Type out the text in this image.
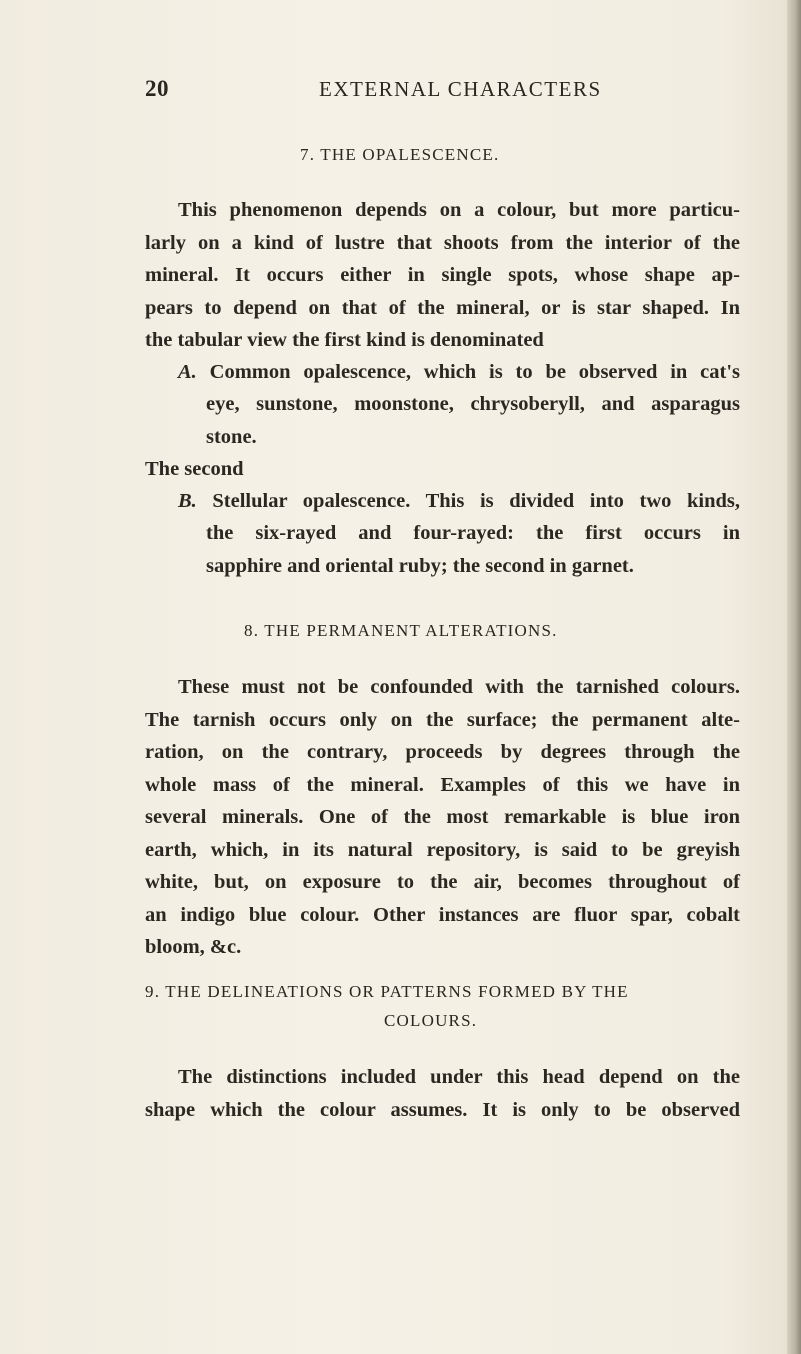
20	EXTERNAL CHARACTERS
7. THE OPALESCENCE.
This phenomenon depends on a colour, but more particu-
larly on a kind of lustre that shoots from the interior of the
mineral. It occurs either in single spots, whose shape ap-
pears to depend on that of the mineral, or is star shaped. In
the tabular view the first kind is denominated
A. Common opalescence, which is to be observed in cat's
eye, sunstone, moonstone, chrysoberyll, and asparagus
stone.
The second
B. Stellular opalescence. This is divided into two kinds,
the six-rayed and four-rayed: the first occurs in
sapphire and oriental ruby; the second in garnet.
8. THE PERMANENT ALTERATIONS.
These must not be confounded with the tarnished colours.
The tarnish occurs only on the surface; the permanent alte-
ration, on the contrary, proceeds by degrees through the
whole mass of the mineral. Examples of this we have in
several minerals. One of the most remarkable is blue iron
earth, which, in its natural repository, is said to be greyish
white, but, on exposure to the air, becomes throughout of
an indigo blue colour. Other instances are fluor spar, cobalt
bloom, &c.
9. THE DELINEATIONS OR PATTERNS FORMED BY THE
COLOURS.
The distinctions included under this head depend on the
shape which the colour assumes. It is only to be observed
